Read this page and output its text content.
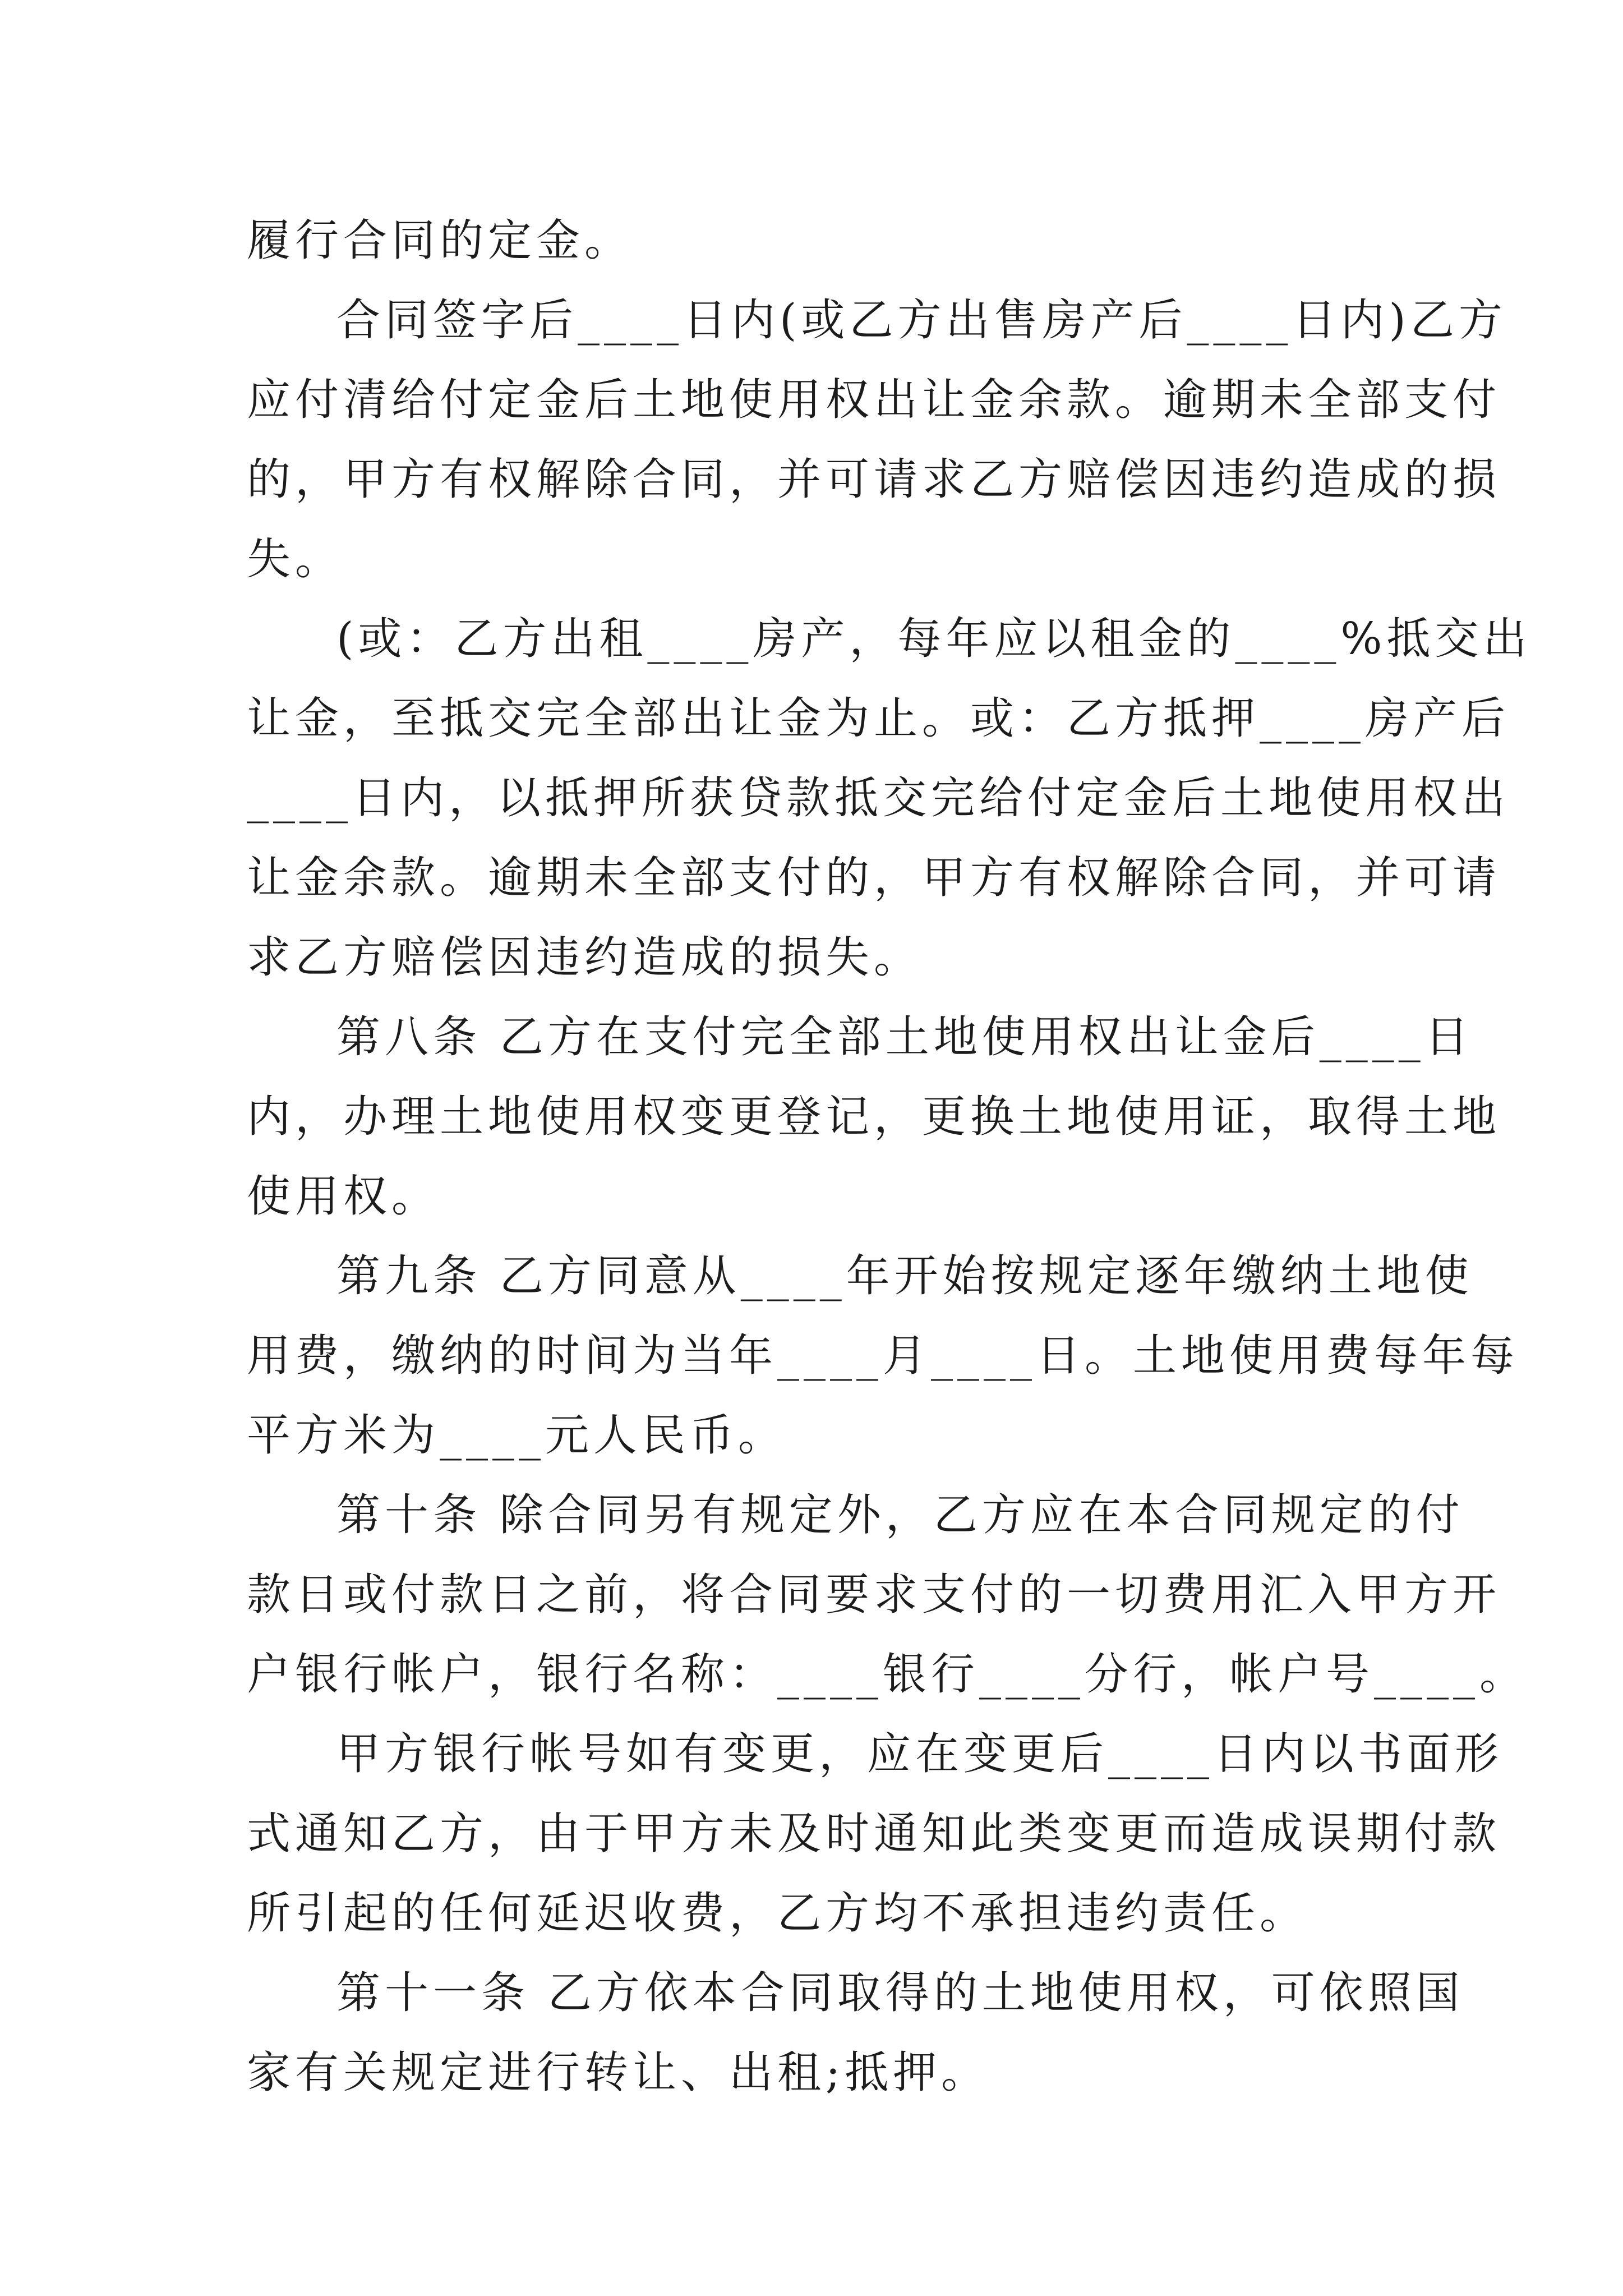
履行合同的定金。
合同签字后____日内(或乙方出售房产后____日内)乙方
应付清给付定金后土地使用权出让金余款。逾期未全部支付
的，甲方有权解除合同，并可请求乙方赔偿因违约造成的损
失。
(或：乙方出租____房产，每年应以租金的____%抵交出
让金，至抵交完全部出让金为止。或：乙方抵押____房产后
____日内，以抵押所获贷款抵交完给付定金后土地使用权出
让金余款。逾期未全部支付的，甲方有权解除合同，并可请
求乙方赔偿因违约造成的损失。
第八条 乙方在支付完全部土地使用权出让金后____日
内，办理土地使用权变更登记，更换土地使用证，取得土地
使用权。
第九条 乙方同意从____年开始按规定逐年缴纳土地使
用费，缴纳的时间为当年____月____日。土地使用费每年每
平方米为____元人民币。
第十条 除合同另有规定外，乙方应在本合同规定的付
款日或付款日之前，将合同要求支付的一切费用汇入甲方开
户银行帐户，银行名称：____银行____分行，帐户号____。
甲方银行帐号如有变更，应在变更后____日内以书面形
式通知乙方，由于甲方未及时通知此类变更而造成误期付款
所引起的任何延迟收费，乙方均不承担违约责任。
第十一条 乙方依本合同取得的土地使用权，可依照国
家有关规定进行转让、出租;抵押。
